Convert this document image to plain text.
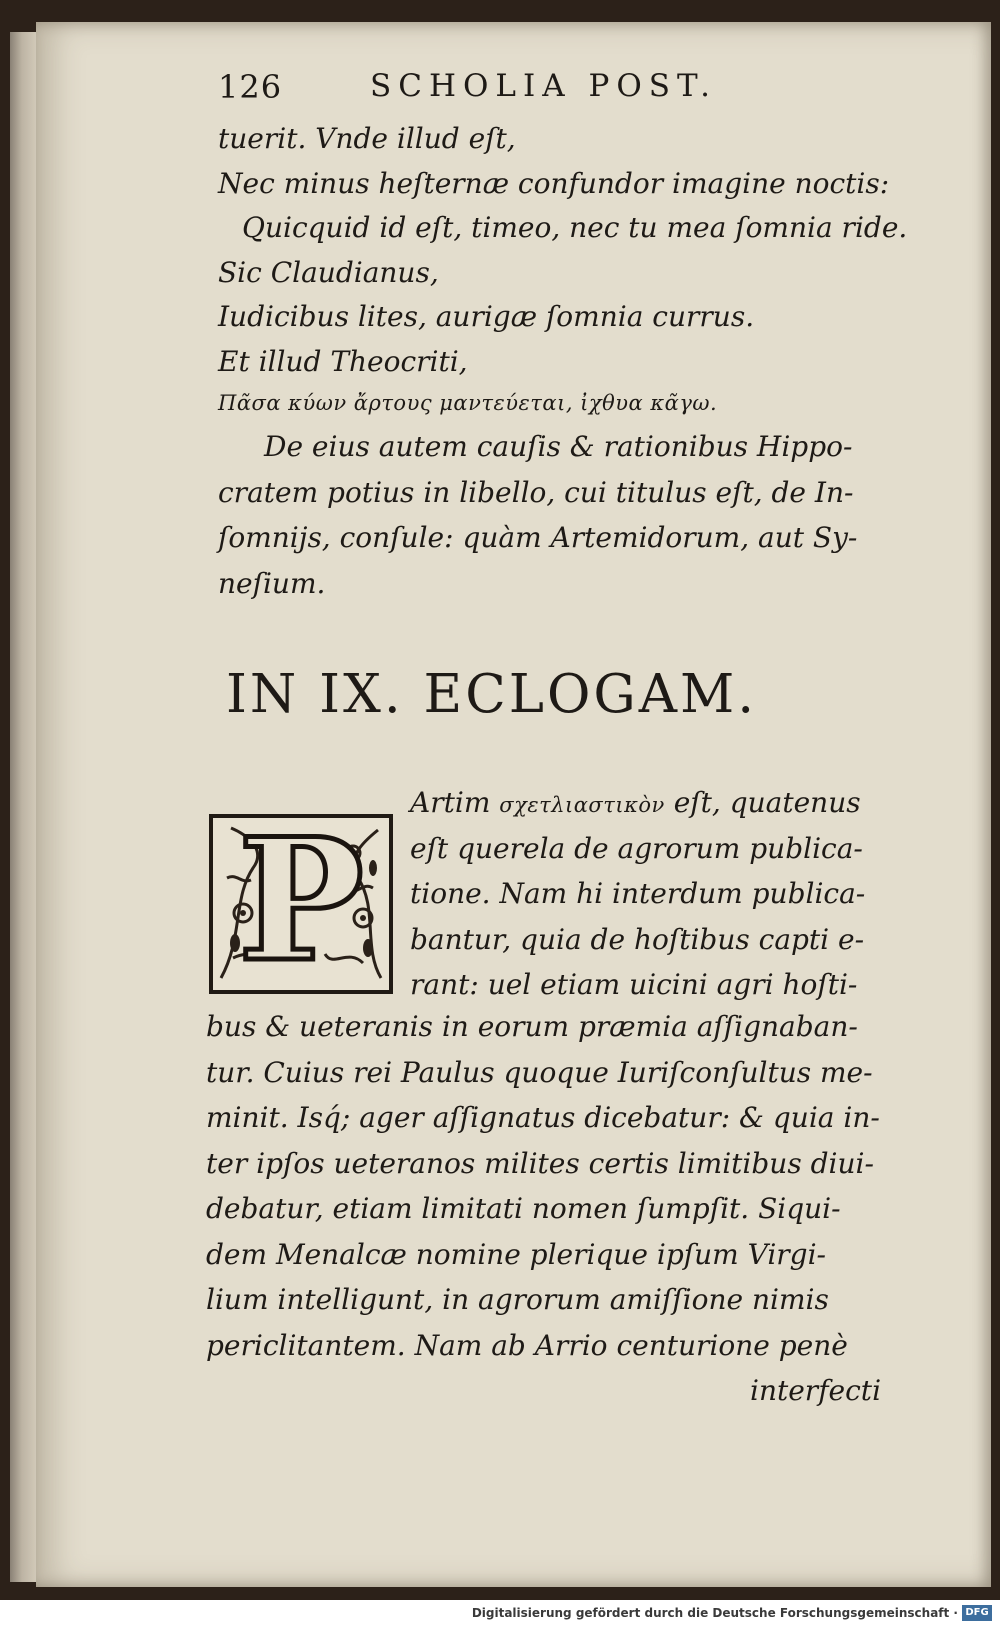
126	SCHOLIA POST.
tuerit. Vnde illud eſt,
Nec minus heſternæ confundor imagine noctis:
Quicquid id eſt, timeo, nec tu mea ſomnia ride.
Sic Claudianus,
Iudicibus lites, aurigæ ſomnia currus.
Et illud Theocriti,
Πᾶσα κύων ἄρτους μαντεύεται, ἰχθυα κᾶγω.
De eius autem cauſis & rationibus Hippo-
cratem potius in libello, cui titulus eſt, de In-
ſomnijs, conſule: quàm Artemidorum, aut Sy-
neſium.
IN IX. ECLOGAM.
P	Artim σχετλιαστικὸν eſt, quatenus
eſt querela de agrorum publica-
tione. Nam hi interdum publica-
bantur, quia de hoſtibus capti e-
rant: uel etiam uicini agri hoſti-
bus & ueteranis in eorum præmia aſſignaban-
tur. Cuius rei Paulus quoque Iuriſconſultus me-
minit. Isq́; ager aſſignatus dicebatur: & quia in-
ter ipſos ueteranos milites certis limitibus diui-
debatur, etiam limitati nomen ſumpſit. Siqui-
dem Menalcæ nomine plerique ipſum Virgi-
lium intelligunt, in agrorum amiſſione nimis
periclitantem. Nam ab Arrio centurione penè
interfecti
Digitalisierung gefördert durch die Deutsche Forschungsgemeinschaft · DFG
